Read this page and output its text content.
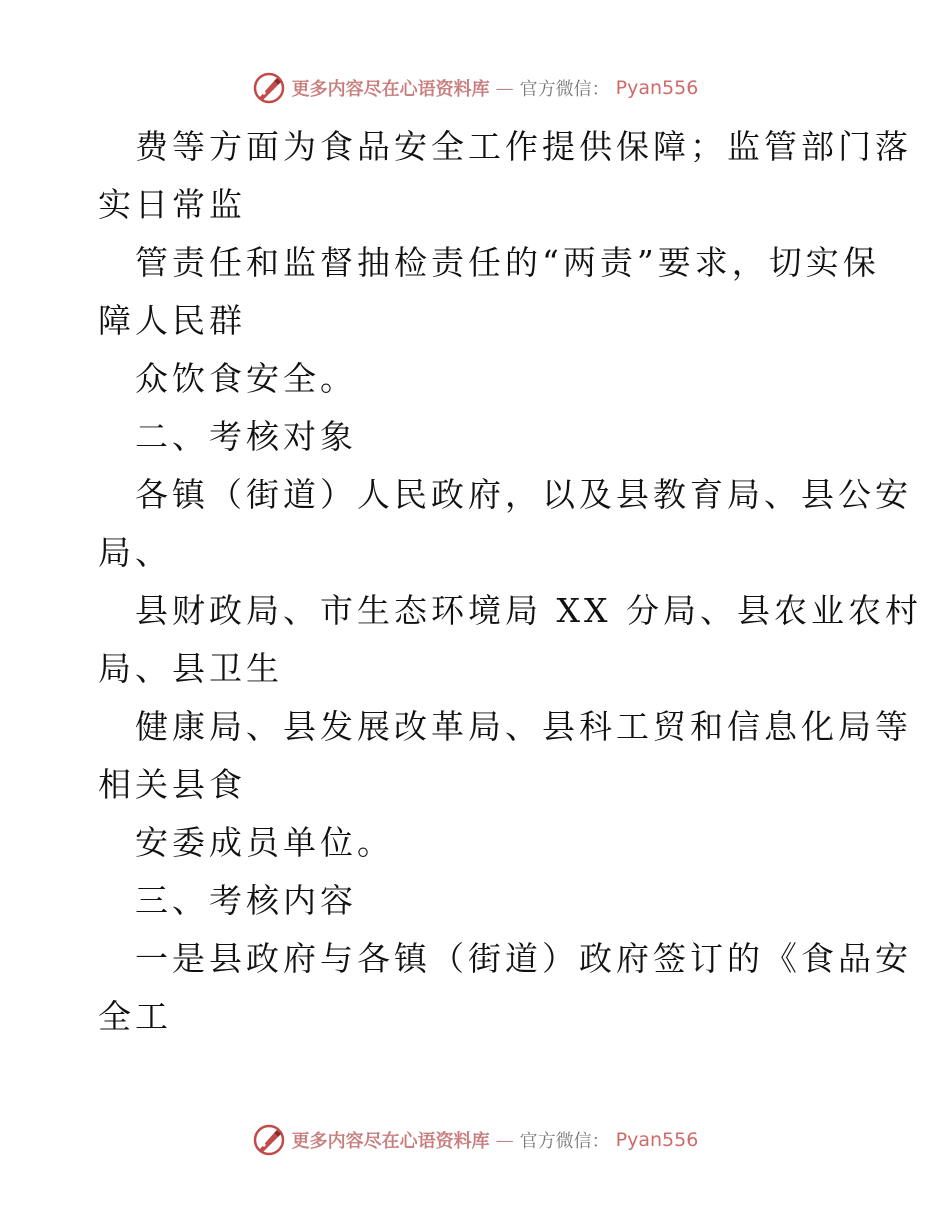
更多内容尽在心语资料库 — 官方微信： Pyan556
费等方面为食品安全工作提供保障；监管部门落
实日常监
管责任和监督抽检责任的“两责”要求，切实保
障人民群
众饮食安全。
二、考核对象
各镇（街道）人民政府，以及县教育局、县公安
局、
县财政局、市生态环境局 XX 分局、县农业农村
局、县卫生
健康局、县发展改革局、县科工贸和信息化局等
相关县食
安委成员单位。
三、考核内容
一是县政府与各镇（街道）政府签订的《食品安
全工
更多内容尽在心语资料库 — 官方微信： Pyan556
